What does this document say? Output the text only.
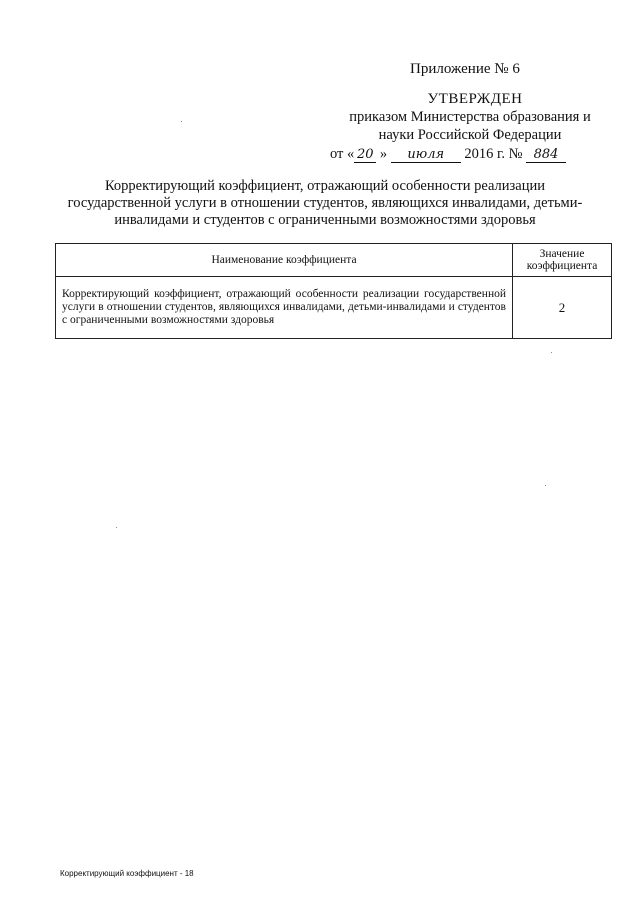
Приложение № 6
УТВЕРЖДЕН
приказом Министерства образования и
науки Российской Федерации
от « 20 » июля 2016 г. № 884
Корректирующий коэффициент, отражающий особенности реализации государственной услуги в отношении студентов, являющихся инвалидами, детьми-инвалидами и студентов с ограниченными возможностями здоровья
Наименование коэффициента	Значение коэффициента
Корректирующий коэффициент, отражающий особенности реализации государственной услуги в отношении студентов, являющихся инвалидами, детьми-инвалидами и студентов с ограниченными возможностями здоровья	2
Корректирующий коэффициент - 18
